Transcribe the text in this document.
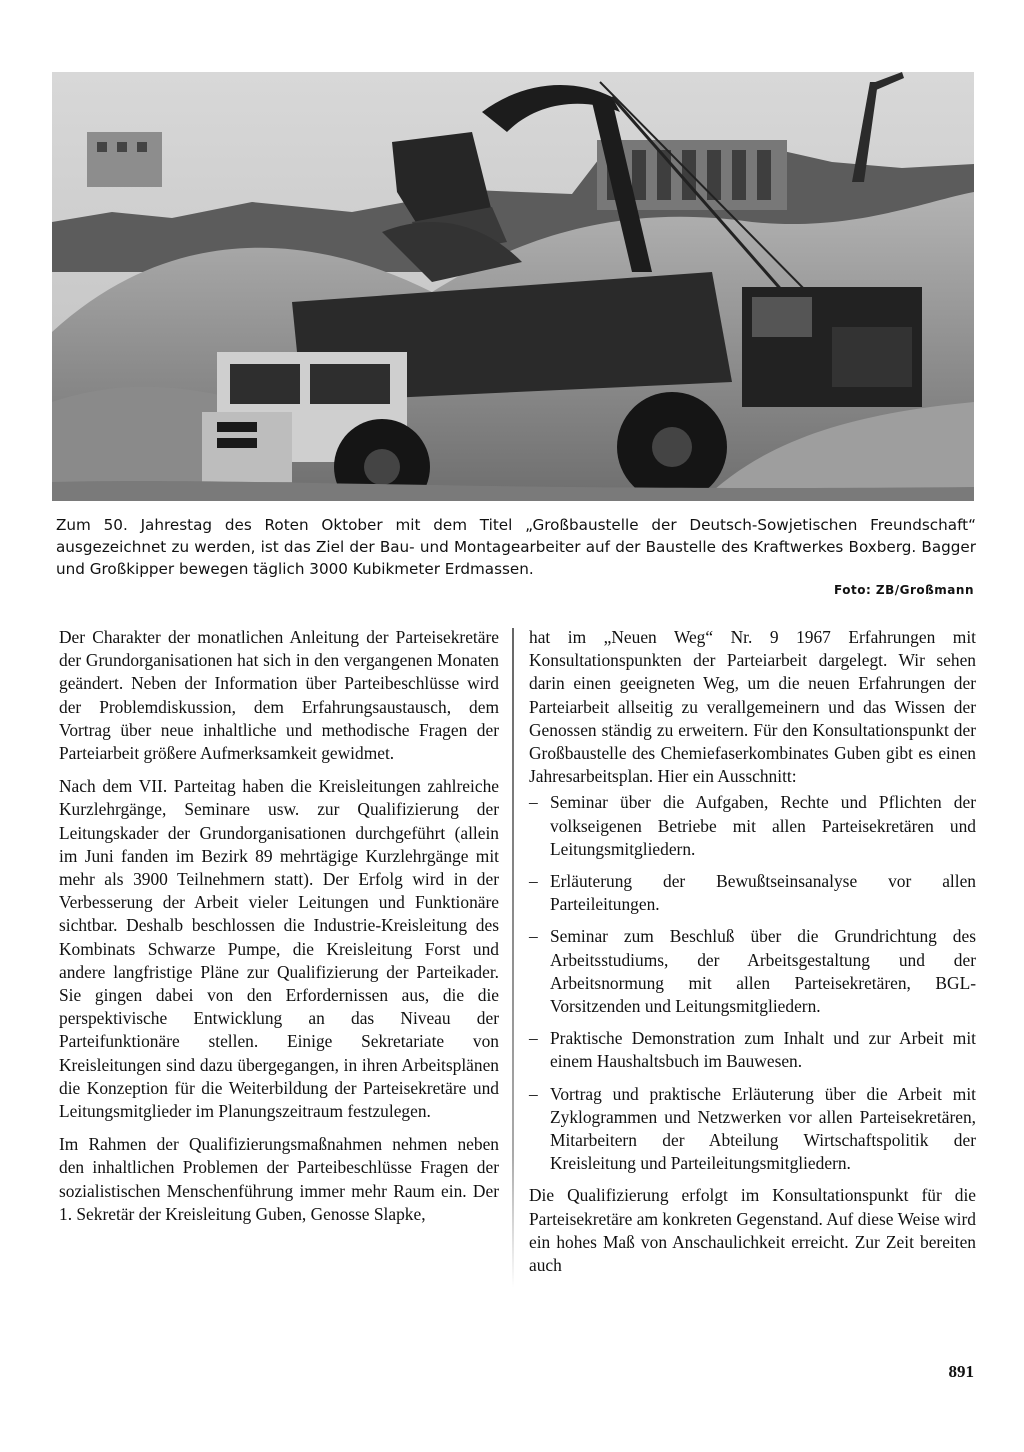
Zum 50. Jahrestag des Roten Oktober mit dem Titel „Großbaustelle der Deutsch-Sowjetischen Freundschaft“ ausgezeichnet zu werden, ist das Ziel der Bau- und Montagearbeiter auf der Baustelle des Kraftwerkes Boxberg. Bagger und Großkipper bewegen täglich 3000 Kubikmeter Erdmassen.

Foto: ZB/Großmann

Der Charakter der monatlichen Anleitung der Parteisekretäre der Grundorganisationen hat sich in den vergangenen Monaten geändert. Neben der Information über Parteibeschlüsse wird der Problemdiskussion, dem Erfahrungsaustausch, dem Vortrag über neue inhaltliche und methodische Fragen der Parteiarbeit größere Aufmerksamkeit gewidmet.

Nach dem VII. Parteitag haben die Kreisleitungen zahlreiche Kurzlehrgänge, Seminare usw. zur Qualifizierung der Leitungskader der Grundorganisationen durchgeführt (allein im Juni fanden im Bezirk 89 mehrtägige Kurzlehrgänge mit mehr als 3900 Teilnehmern statt). Der Erfolg wird in der Verbesserung der Arbeit vieler Leitungen und Funktionäre sichtbar. Deshalb beschlossen die Industrie-Kreisleitung des Kombinats Schwarze Pumpe, die Kreisleitung Forst und andere langfristige Pläne zur Qualifizierung der Parteikader. Sie gingen dabei von den Erfordernissen aus, die die perspektivische Entwicklung an das Niveau der Parteifunktionäre stellen. Einige Sekretariate von Kreisleitungen sind dazu übergegangen, in ihren Arbeitsplänen die Konzeption für die Weiterbildung der Parteisekretäre und Leitungsmitglieder im Planungszeitraum festzulegen.

Im Rahmen der Qualifizierungsmaßnahmen nehmen neben den inhaltlichen Problemen der Parteibeschlüsse Fragen der sozialistischen Menschenführung immer mehr Raum ein. Der 1. Sekretär der Kreisleitung Guben, Genosse Slapke,

hat im „Neuen Weg“ Nr. 9 1967 Erfahrungen mit Konsultationspunkten der Parteiarbeit dargelegt. Wir sehen darin einen geeigneten Weg, um die neuen Erfahrungen der Parteiarbeit allseitig zu verallgemeinern und das Wissen der Genossen ständig zu erweitern. Für den Konsultationspunkt der Großbaustelle des Chemiefaserkombinates Guben gibt es einen Jahresarbeitsplan. Hier ein Ausschnitt:

– Seminar über die Aufgaben, Rechte und Pflichten der volkseigenen Betriebe mit allen Parteisekretären und Leitungsmitgliedern.
– Erläuterung der Bewußtseinsanalyse vor allen Parteileitungen.
– Seminar zum Beschluß über die Grundrichtung des Arbeitsstudiums, der Arbeitsgestaltung und der Arbeitsnormung mit allen Parteisekretären, BGL-Vorsitzenden und Leitungsmitgliedern.
– Praktische Demonstration zum Inhalt und zur Arbeit mit einem Haushaltsbuch im Bauwesen.
– Vortrag und praktische Erläuterung über die Arbeit mit Zyklogrammen und Netzwerken vor allen Parteisekretären, Mitarbeitern der Abteilung Wirtschaftspolitik der Kreisleitung und Parteileitungsmitgliedern.

Die Qualifizierung erfolgt im Konsultationspunkt für die Parteisekretäre am konkreten Gegenstand. Auf diese Weise wird ein hohes Maß von Anschaulichkeit erreicht. Zur Zeit bereiten auch

891
